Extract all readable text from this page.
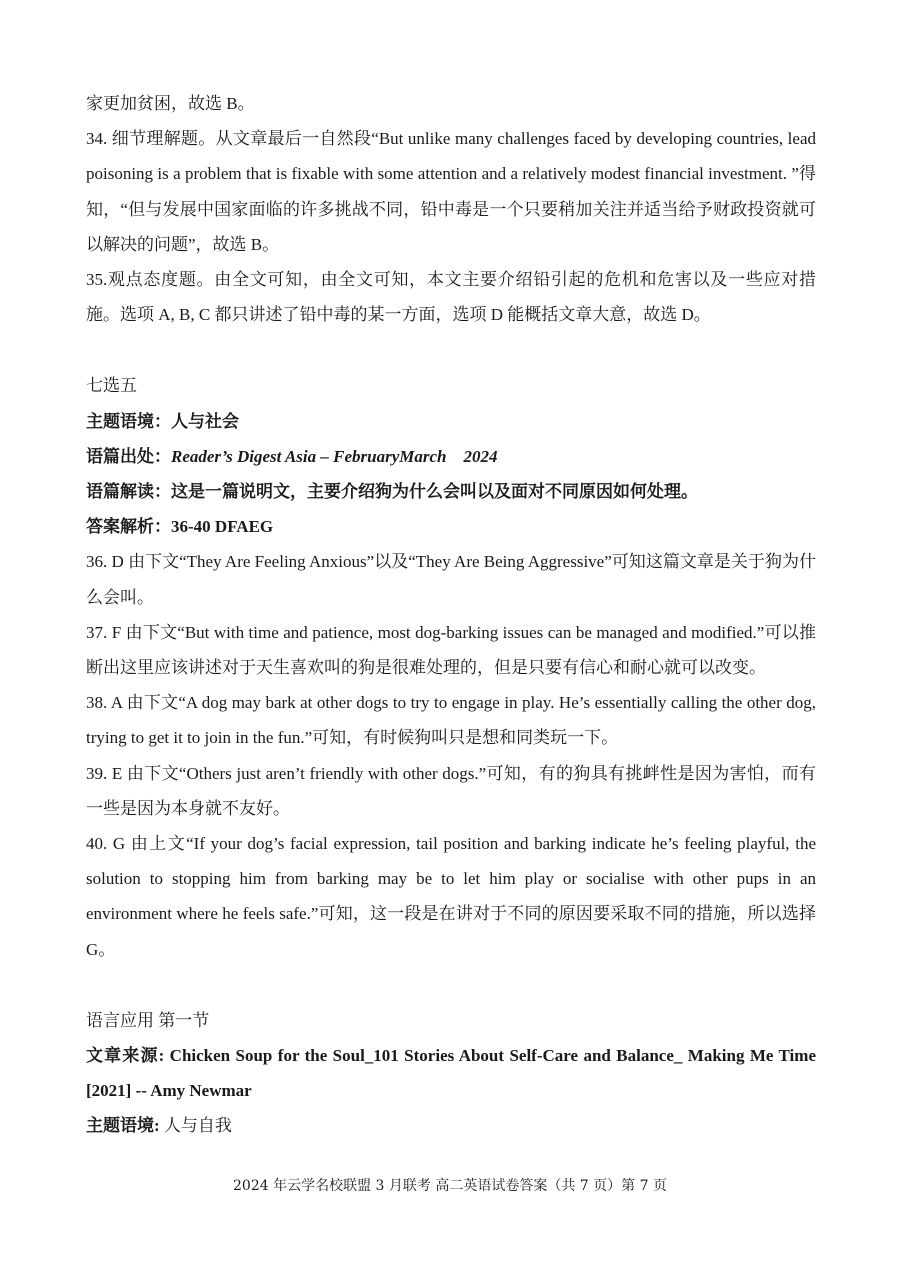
家更加贫困，故选 B。

34. 细节理解题。从文章最后一自然段“But unlike many challenges faced by developing countries, lead poisoning is a problem that is fixable with some attention and a relatively modest financial investment. ”得知，“但与发展中国家面临的许多挑战不同，铅中毒是一个只要稍加关注并适当给予财政投资就可以解决的问题”，故选 B。

35.观点态度题。由全文可知，由全文可知，本文主要介绍铅引起的危机和危害以及一些应对措施。选项 A, B, C 都只讲述了铅中毒的某一方面，选项 D 能概括文章大意，故选 D。

七选五

主题语境：人与社会

语篇出处：Reader’s Digest Asia – FebruaryMarch    2024

语篇解读：这是一篇说明文，主要介绍狗为什么会叫以及面对不同原因如何处理。

答案解析：36-40 DFAEG

36. D 由下文“They Are Feeling Anxious”以及“They Are Being Aggressive”可知这篇文章是关于狗为什么会叫。

37. F 由下文“But with time and patience, most dog-barking issues can be managed and modified.”可以推断出这里应该讲述对于天生喜欢叫的狗是很难处理的，但是只要有信心和耐心就可以改变。

38. A 由下文“A dog may bark at other dogs to try to engage in play. He’s essentially calling the other dog, trying to get it to join in the fun.”可知，有时候狗叫只是想和同类玩一下。

39. E 由下文“Others just aren’t friendly with other dogs.”可知，有的狗具有挑衅性是因为害怕，而有一些是因为本身就不友好。

40. G 由上文“If your dog’s facial expression, tail position and barking indicate he’s feeling playful, the solution to stopping him from barking may be to let him play or socialise with other pups in an environment where he feels safe.”可知，这一段是在讲对于不同的原因要采取不同的措施，所以选择 G。

语言应用 第一节

文章来源: Chicken Soup for the Soul_101 Stories About Self-Care and Balance_ Making Me Time [2021] -- Amy Newmar

主题语境: 人与自我

2024 年云学名校联盟 3 月联考 高二英语试卷答案（共 7 页）第 7 页
